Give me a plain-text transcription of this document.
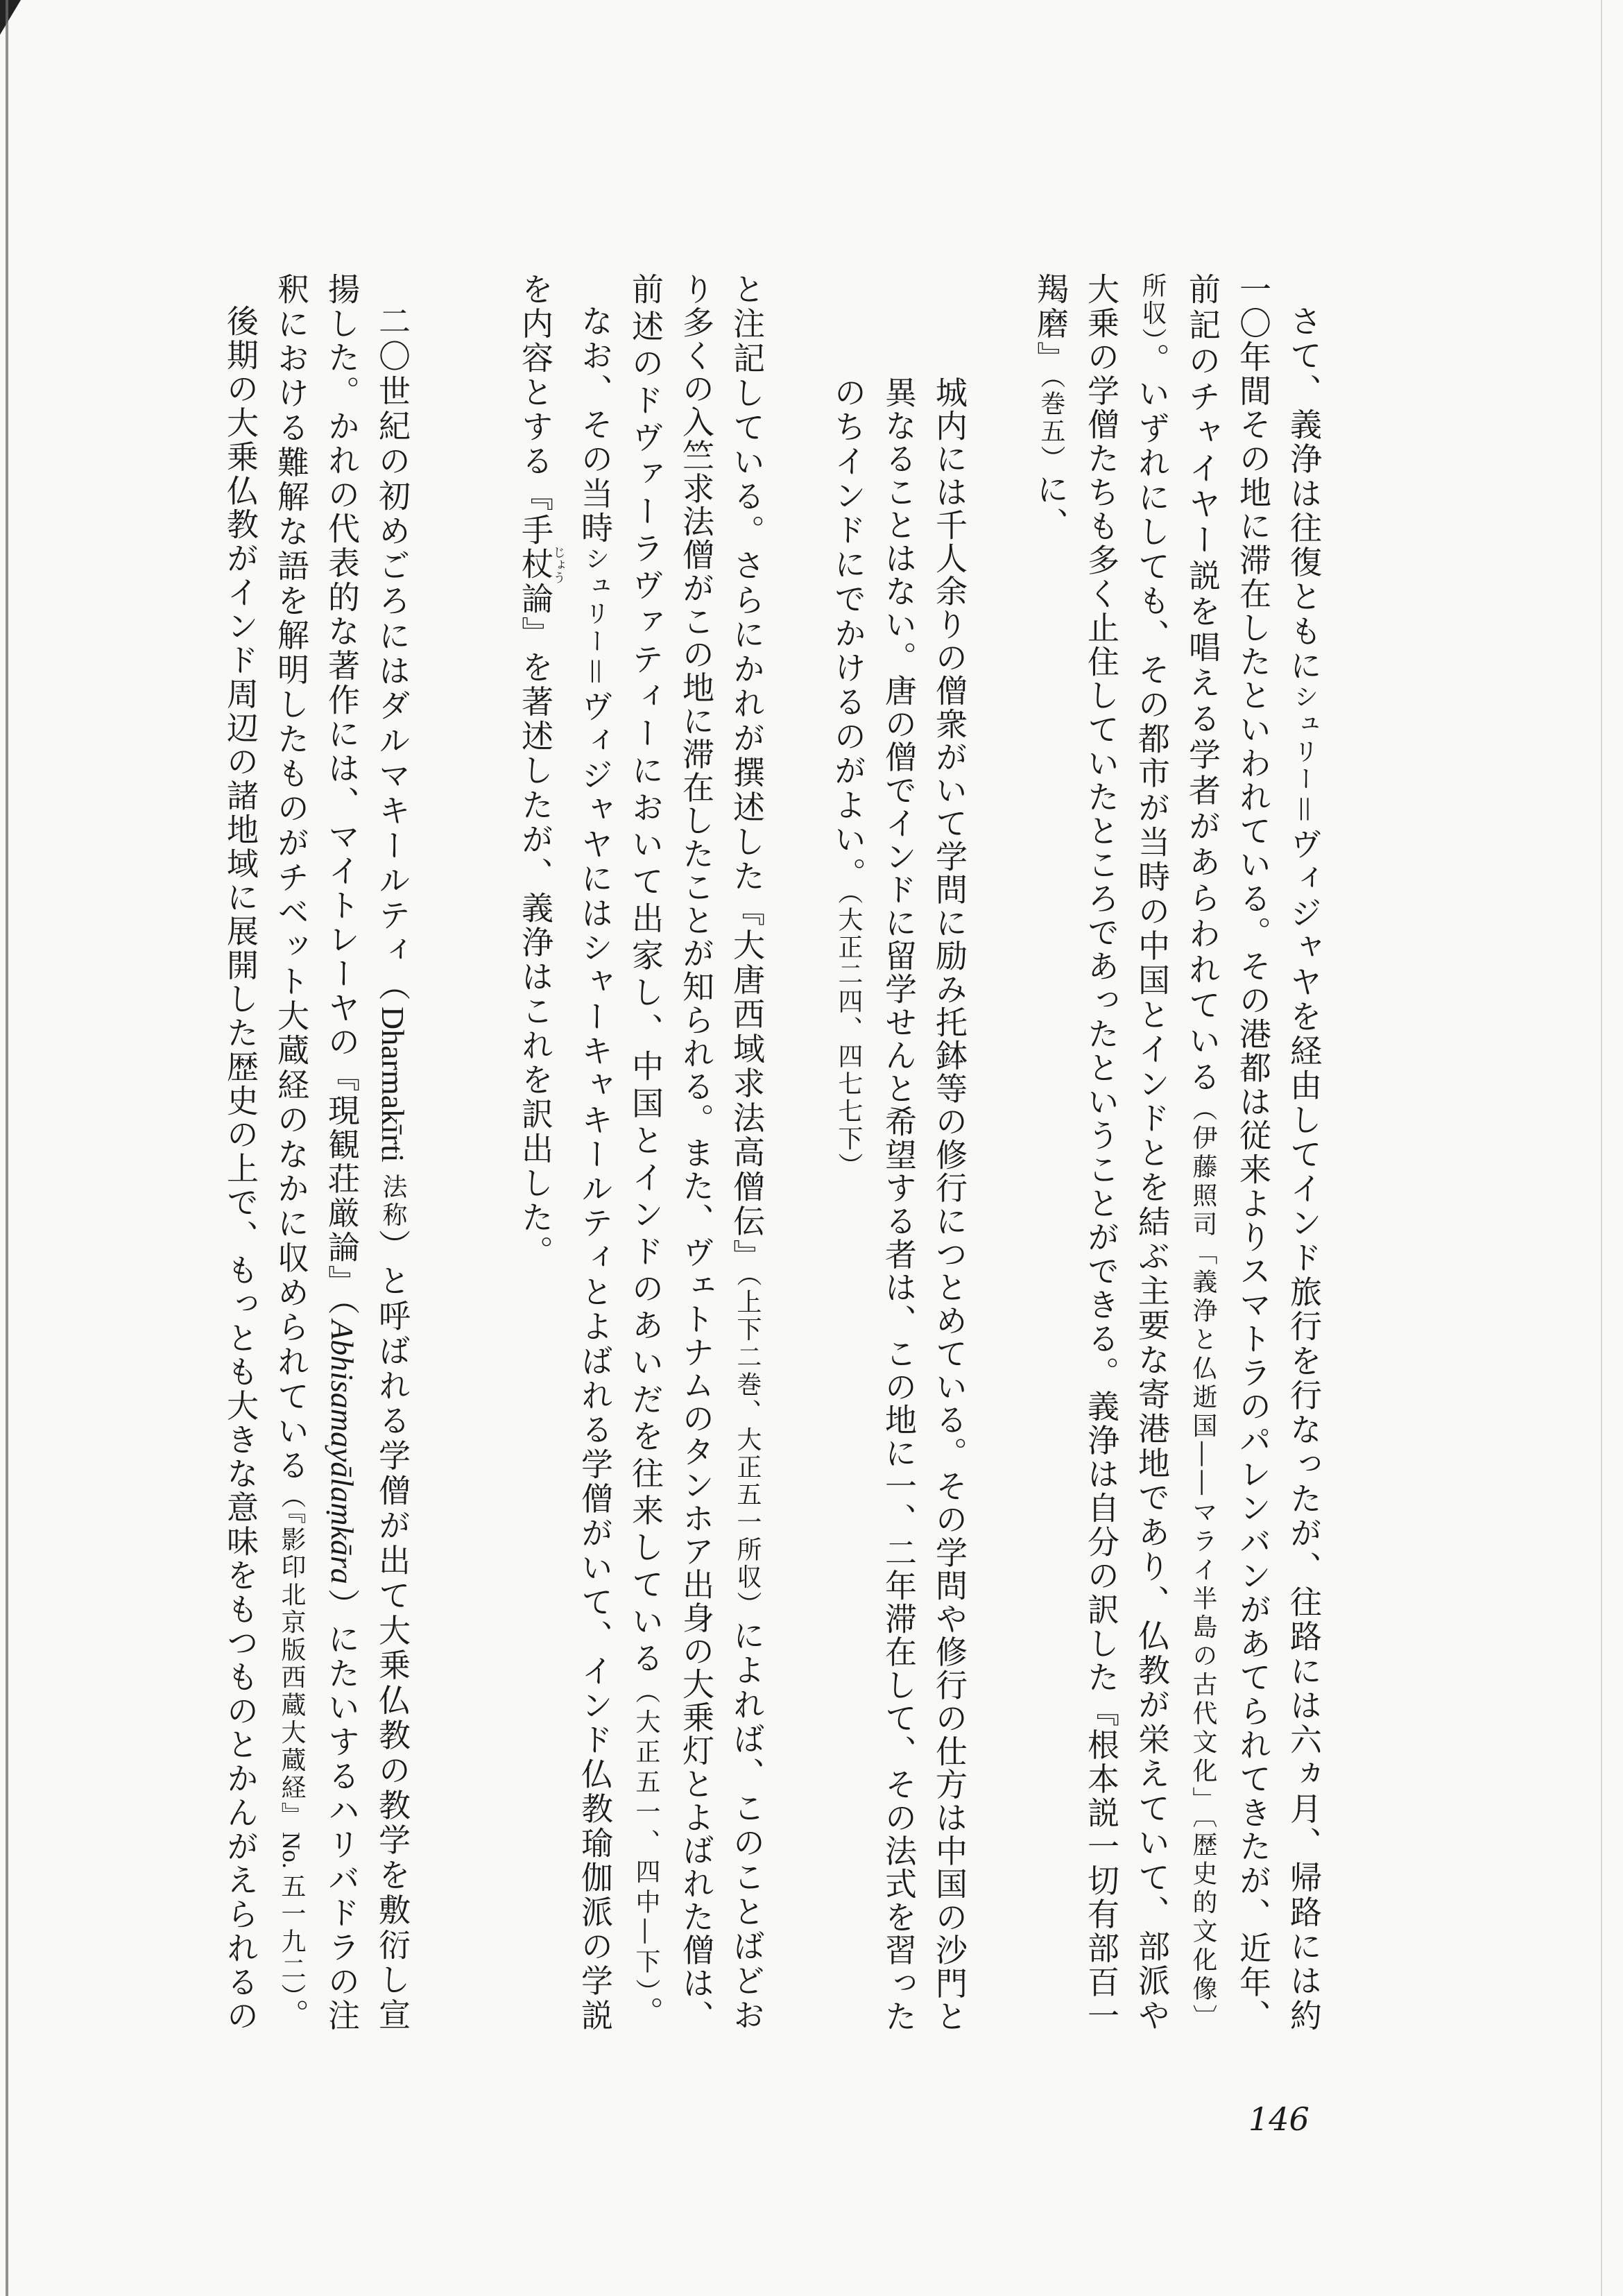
さて、義浄は往復ともにシュリー＝ヴィジャヤを経由してインド旅行を行なったが、往路には六ヵ月、帰路には約
一〇年間その地に滞在したといわれている。その港都は従来よりスマトラのパレンバンがあてられてきたが、近年、
前記のチャイヤー説を唱える学者があらわれている（伊藤照司「義浄と仏逝国――マライ半島の古代文化」〔歴史的文化像〕
所収）。いずれにしても、その都市が当時の中国とインドとを結ぶ主要な寄港地であり、仏教が栄えていて、部派や
大乗の学僧たちも多く止住していたところであったということができる。義浄は自分の訳した『根本説一切有部百一
羯磨』（巻五）に、
城内には千人余りの僧衆がいて学問に励み托鉢等の修行につとめている。その学問や修行の仕方は中国の沙門と
異なることはない。唐の僧でインドに留学せんと希望する者は、この地に一、二年滞在して、その法式を習った
のちインドにでかけるのがよい。（大正二四、四七七下）
と注記している。さらにかれが撰述した『大唐西域求法高僧伝』（上下二巻、大正五一所収）によれば、このことばどお
り多くの入竺求法僧がこの地に滞在したことが知られる。また、ヴェトナムのタンホア出身の大乗灯とよばれた僧は、
前述のドヴァーラヴァティーにおいて出家し、中国とインドのあいだを往来している（大正五一、四中―下）。
なお、その当時シュリー＝ヴィジャヤにはシャーキャキールティとよばれる学僧がいて、インド仏教瑜伽派の学説
を内容とする『手杖じょう論』を著述したが、義浄はこれを訳出した。
二〇世紀の初めごろにはダルマキールティ（Dharmakīrti法称）と呼ばれる学僧が出て大乗仏教の教学を敷衍し宣
揚した。かれの代表的な著作には、マイトレーヤの『現観荘厳論』（Abhisamayālaṃkāra）にたいするハリバドラの注
釈における難解な語を解明したものがチベット大蔵経のなかに収められている（『影印北京版西蔵大蔵経』No.五一九二）。
後期の大乗仏教がインド周辺の諸地域に展開した歴史の上で、もっとも大きな意味をもつものとかんがえられるの
146
